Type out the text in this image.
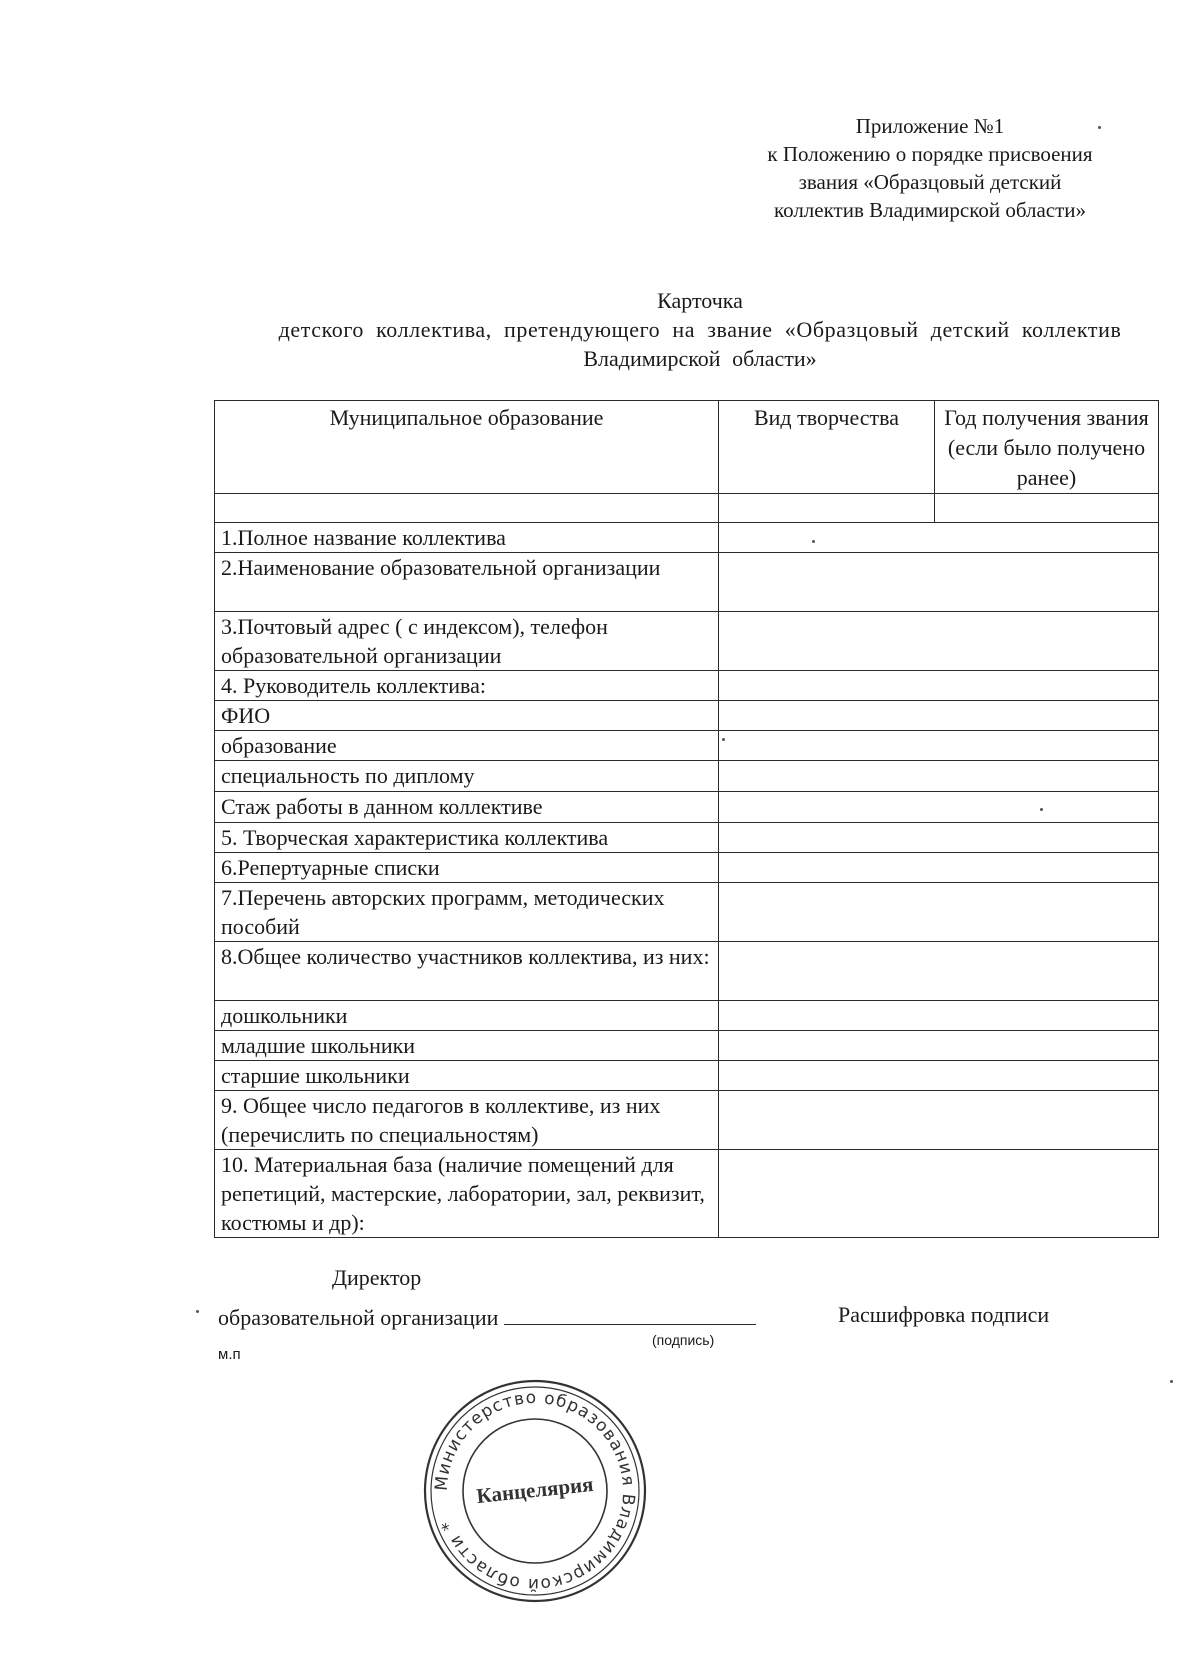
Приложение №1
к Положению о порядке присвоения
звания «Образцовый детский
коллектив Владимирской области»
Карточка
детского коллектива, претендующего на звание «Образцовый детский коллектив
Владимирской области»
Муниципальное образование	Вид творчества	Год получения звания (если было получено ранее)

1.Полное название коллектива		
2.Наименование образовательной организации		
3.Почтовый адрес ( с индексом), телефон образовательной организации		
4. Руководитель коллектива:		
ФИО		
образование		
специальность по диплому		
Стаж работы в данном коллективе		
5. Творческая характеристика коллектива		
6.Репертуарные списки		
7.Перечень авторских программ, методических пособий		
8.Общее количество участников коллектива, из них:		
дошкольники		
младшие школьники		
старшие школьники		
9. Общее число педагогов в коллективе, из них (перечислить по специальностям)		
10. Материальная база (наличие помещений для репетиций, мастерские, лаборатории, зал, реквизит, костюмы и др):		
Директор
образовательной организации	Расшифровка подписи
(подпись)
м.п
Министерство образования Владимирской области *
Канцелярия
